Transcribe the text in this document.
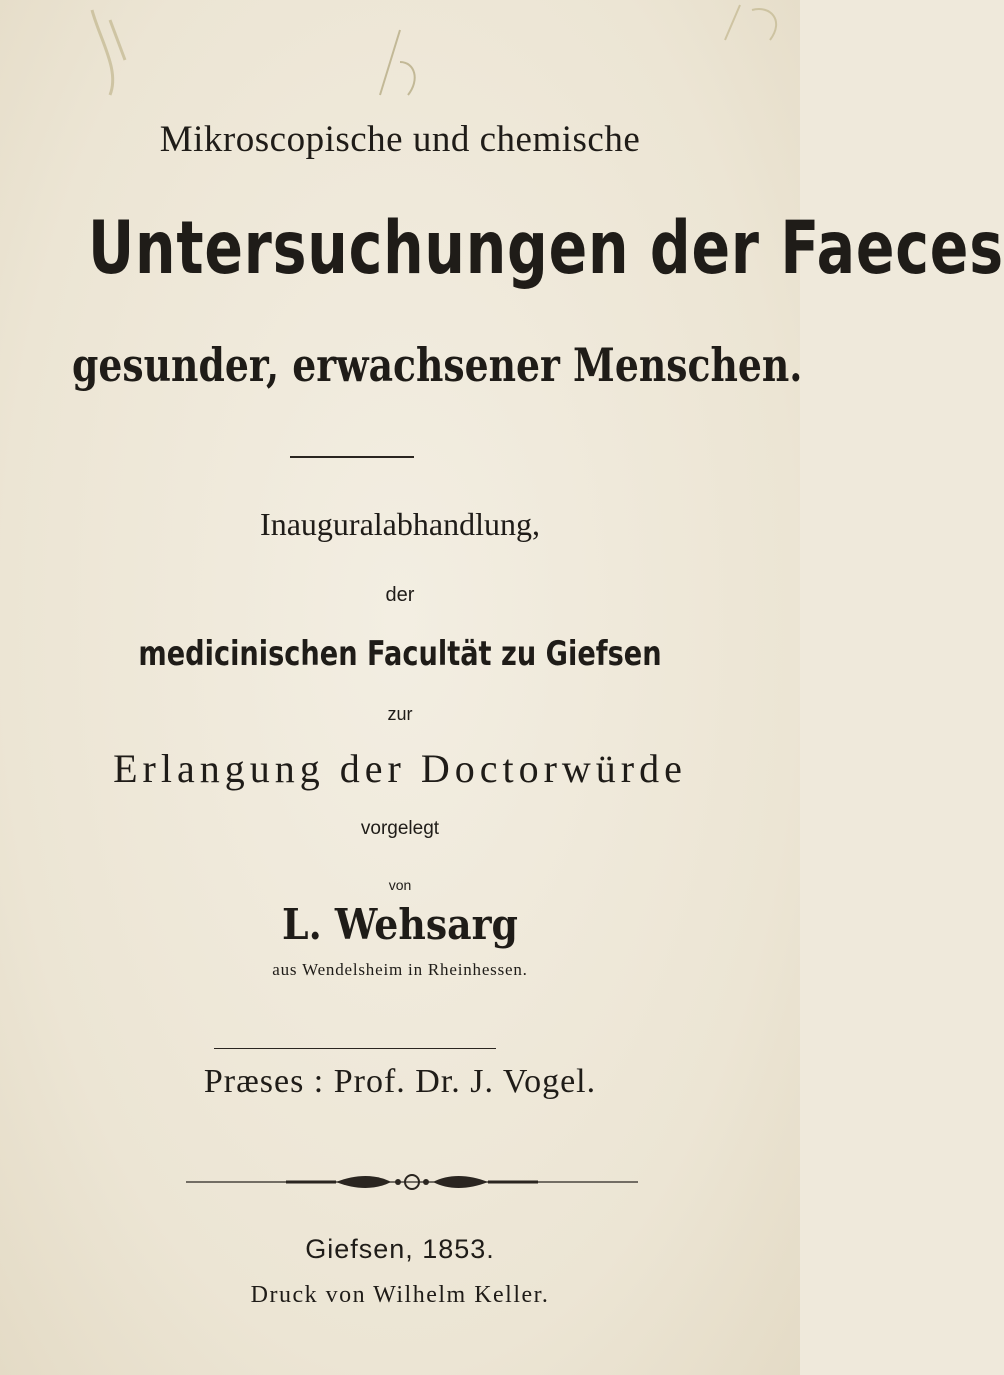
Mikroscopische und chemische
Untersuchungen der Faeces
gesunder, erwachsener Menschen.
Inauguralabhandlung,
der
medicinischen Facultät zu Giefsen
zur
Erlangung der Doctorwürde
vorgelegt
von
L. Wehsarg
aus Wendelsheim in Rheinhessen.
Præses : Prof. Dr. J. Vogel.
Giefsen, 1853.
Druck von Wilhelm Keller.
